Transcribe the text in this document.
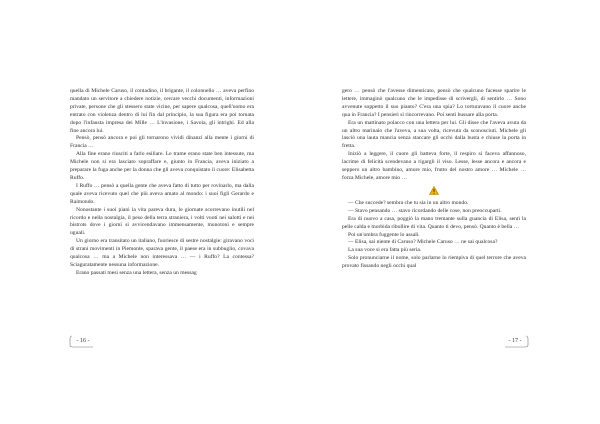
quella di Michele Caruso, il contadino, il brigante, il colonnello … aveva perfino mandato un servitore a chiedere notizie, cercare vecchi documenti, informazioni private, persone che gli stessero state vicine, per sapere qualcosa, quell'uomo era entrato con violenza dentro di lui fin dal principio, la sua figura era poi tornata dopo l'infausta impresa dei Mille … L'invasione, i Savoia, gli intrighi. Ed alla fine ancora lui.

Pensò, pensò ancora e poi gli tornarono vividi dinanzi alla mente i giorni di Francia …

Alla fine erano riusciti a farlo esiliare. Le trame erano state ben intessute, ma Michele non si era lasciato sopraffare e, giunto in Francia, aveva iniziato a preparare la fuga anche per la donna che gli aveva conquistato il cuore: Elisabetta Ruffo.

I Ruffo … pensò a quella gente che aveva fatto di tutto per rovinarlo, ma dalla quale aveva ricevuto quel che più aveva amato al mondo: i suoi figli Gerardo e Raimondo.

Nonostante i suoi piani la vita pareva dura, le giornate scorrevano inutili nel ricordo e nella nostalgia, il peso della terra straniera, i volti vuoti nei salotti e nei bistrots dove i giorni si avvicendavano immensamente, monotoni e sempre uguali.

Un giorno era transitato un italiano, fuoriesce di sestre nostalgie: giravano voci di strani movimenti in Piemonte, sparava gente, il paese era in subbuglio, covava qualcosa … ma a Michele non interessava … — i Ruffo? La contessa? Sciaguratamente nessuna informazione.

Erano passati mesi senza una lettera, senza un messag

- 16 -

gero … pensò che l'avesse dimenticato, pensò che qualcuno facesse sparire le lettere, immaginò qualcuno che le impedisse di scrivergli, di sentirlo … Sono avvenute soppetto il suo pianto? C'era una spia? Lo torturavano il cuore anche qua in Francia? I pensieri si rincorrevano. Poi sentì bussare alla porta.

Era un mattinato polacco con una lettera per lui. Gli disse che l'aveva avuta da un altro marinaio che l'aveva, a sua volta, ricevuta da sconosciuti. Michele gli lasciò una lauta mancia senza staccare gli occhi dalla busta e chiuse la porta in fretta.

Iniziò a leggere, il cuore gli batteva forte, il respiro si faceva affannoso, lacrime di felicità scendevano a rigargli il viso. Lesse, lesse ancora e ancora e seppero un altro bambino, amore mio, frutto del nostro amore … Michele … forza Michele, amore mio …

— Che succede? sembra che tu sia in un altro mondo.

— Stavo pensando … stavo ricordando delle cose, non preoccuparti.

Era di nuovo a casa, poggiò la mano tremante sulla guancia di Elisa, sentì la pelle calda e morbida ribollire di vita. Quanto ti devo, pensò. Quanto è bella …

Poi un'ombra fuggente lo assalì.

— Elisa, sai niente di Caruso? Michele Caruso … ne sai qualcosa?

La sua voce si era fatta più seria.

Solo pronunciarne il nome, solo parlarne lo riempiva di quel terrore che aveva provato fissando negli occhi qual

- 17 -
